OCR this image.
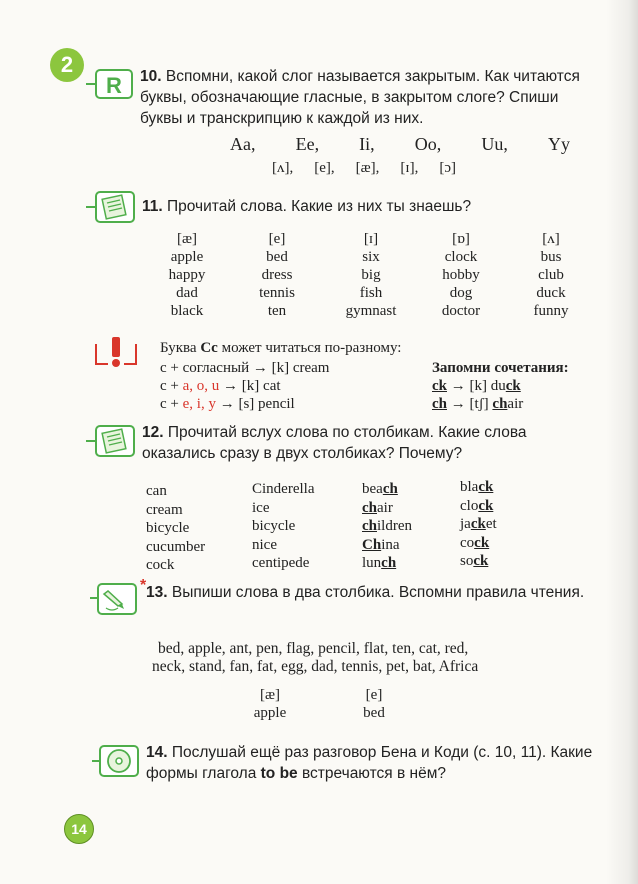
2
R 10. Вспомни, какой слог называется закрытым. Как читаются буквы, обозначающие гласные, в закрытом слоге? Спиши буквы и транскрипцию к каждой из них.
Aa, Ee, Ii, Oo, Uu, Yy
[ʌ], [e], [æ], [ɪ], [ɔ]
11. Прочитай слова. Какие из них ты знаешь?
[æ]
apple
happy
dad
black
[e]
bed
dress
tennis
ten
[ɪ]
six
big
fish
gymnast
[ɒ]
clock
hobby
dog
doctor
[ʌ]
bus
club
duck
funny
Буква Cc может читаться по-разному:
c + согласный → [k] cream
c + a, o, u → [k] cat
c + e, i, y → [s] pencil
Запомни сочетания:
ck → [k] duck
ch → [tʃ] chair
12. Прочитай вслух слова по столбикам. Какие слова оказались сразу в двух столбиках? Почему?
can
cream
bicycle
cucumber
cock
Cinderella
ice
bicycle
nice
centipede
beach
chair
children
China
lunch
black
clock
jacket
cock
sock
* 13. Выпиши слова в два столбика. Вспомни правила чтения.
bed, apple, ant, pen, flag, pencil, flat, ten, cat, red,
neck, stand, fan, fat, egg, dad, tennis, pet, bat, Africa
[æ]
apple
[e]
bed
14. Послушай ещё раз разговор Бена и Коди (с. 10, 11). Какие формы глагола to be встречаются в нём?
14
